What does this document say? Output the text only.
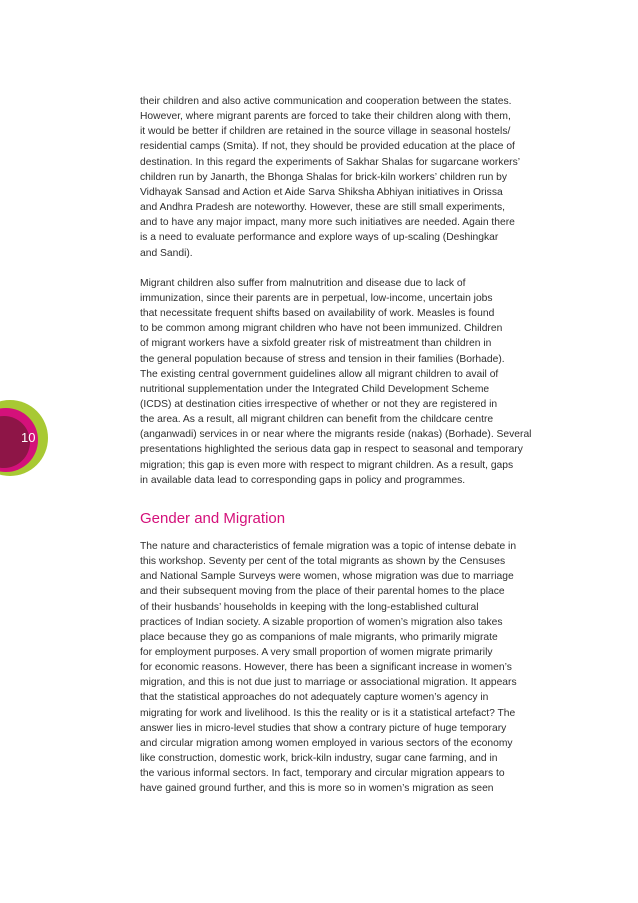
10

their children and also active communication and cooperation between the states.

However, where migrant parents are forced to take their children along with them,

it would be better if children are retained in the source village in seasonal hostels/

residential camps (Smita). If not, they should be provided education at the place of

destination. In this regard the experiments of Sakhar Shalas for sugarcane workers’

children run by Janarth, the Bhonga Shalas for brick-kiln workers’ children run by

Vidhayak Sansad and Action et Aide Sarva Shiksha Abhiyan initiatives in Orissa

and Andhra Pradesh are noteworthy. However, these are still small experiments,

and to have any major impact, many more such initiatives are needed. Again there

is a need to evaluate performance and explore ways of up-scaling (Deshingkar

and Sandi).

Migrant children also suffer from malnutrition and disease due to lack of

immunization, since their parents are in perpetual, low-income, uncertain jobs

that necessitate frequent shifts based on availability of work. Measles is found

to be common among migrant children who have not been immunized. Children

of migrant workers have a sixfold greater risk of mistreatment than children in

the general population because of stress and tension in their families (Borhade).

The existing central government guidelines allow all migrant children to avail of

nutritional supplementation under the Integrated Child Development Scheme

(ICDS) at destination cities irrespective of whether or not they are registered in

the area. As a result, all migrant children can benefit from the childcare centre

(anganwadi) services in or near where the migrants reside (nakas) (Borhade). Several

presentations highlighted the serious data gap in respect to seasonal and temporary

migration; this gap is even more with respect to migrant children. As a result, gaps

in available data lead to corresponding gaps in policy and programmes.

Gender and Migration

The nature and characteristics of female migration was a topic of intense debate in

this workshop. Seventy per cent of the total migrants as shown by the Censuses

and National Sample Surveys were women, whose migration was due to marriage

and their subsequent moving from the place of their parental homes to the place

of their husbands’ households in keeping with the long-established cultural

practices of Indian society. A sizable proportion of women’s migration also takes

place because they go as companions of male migrants, who primarily migrate

for employment purposes. A very small proportion of women migrate primarily

for economic reasons. However, there has been a significant increase in women’s

migration, and this is not due just to marriage or associational migration. It appears

that the statistical approaches do not adequately capture women’s agency in

migrating for work and livelihood. Is this the reality or is it a statistical artefact? The

answer lies in micro-level studies that show a contrary picture of huge temporary

and circular migration among women employed in various sectors of the economy

like construction, domestic work, brick-kiln industry, sugar cane farming, and in

the various informal sectors. In fact, temporary and circular migration appears to

have gained ground further, and this is more so in women’s migration as seen
